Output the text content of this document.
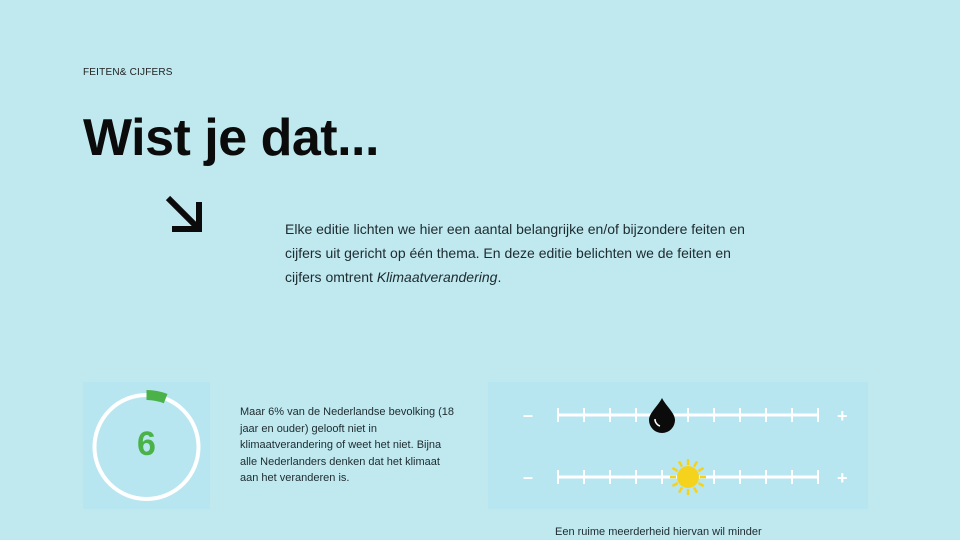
FEITEN& CIJFERS
Wist je dat...

Elke editie lichten we hier een aantal belangrijke en/of bijzondere feiten en cijfers uit gericht op één thema. En deze editie belichten we de feiten en cijfers omtrent Klimaatverandering.

6

Maar 6% van de Nederlandse bevolking (18 jaar en ouder) gelooft niet in klimaatverandering of weet het niet. Bijna alle Nederlanders denken dat het klimaat aan het veranderen is.

–	+
–	+
Een ruime meerderheid hiervan wil minder
